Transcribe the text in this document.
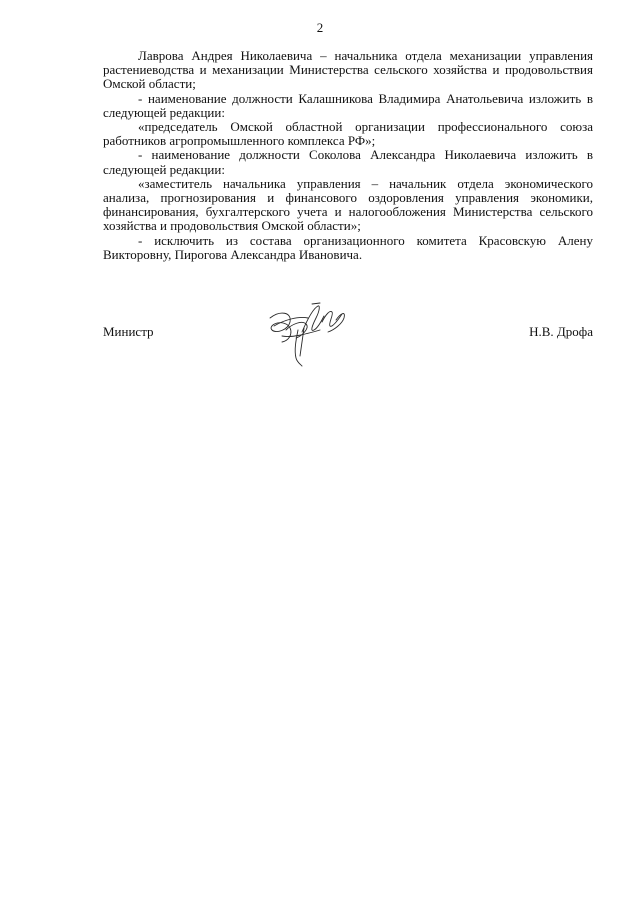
2

Лаврова Андрея Николаевича – начальника отдела механизации управления растениеводства и механизации Министерства сельского хозяйства и продовольствия Омской области;

- наименование должности Калашникова Владимира Анатольевича изложить в следующей редакции:

«председатель Омской областной организации профессионального союза работников агропромышленного комплекса РФ»;

- наименование должности Соколова Александра Николаевича изложить в следующей редакции:

«заместитель начальника управления – начальник отдела экономического анализа, прогнозирования и финансового оздоровления управления экономики, финансирования, бухгалтерского учета и налогообложения Министерства сельского хозяйства и продовольствия Омской области»;

- исключить из состава организационного комитета Красовскую Алену Викторовну, Пирогова Александра Ивановича.

Министр	Н.В. Дрофа
